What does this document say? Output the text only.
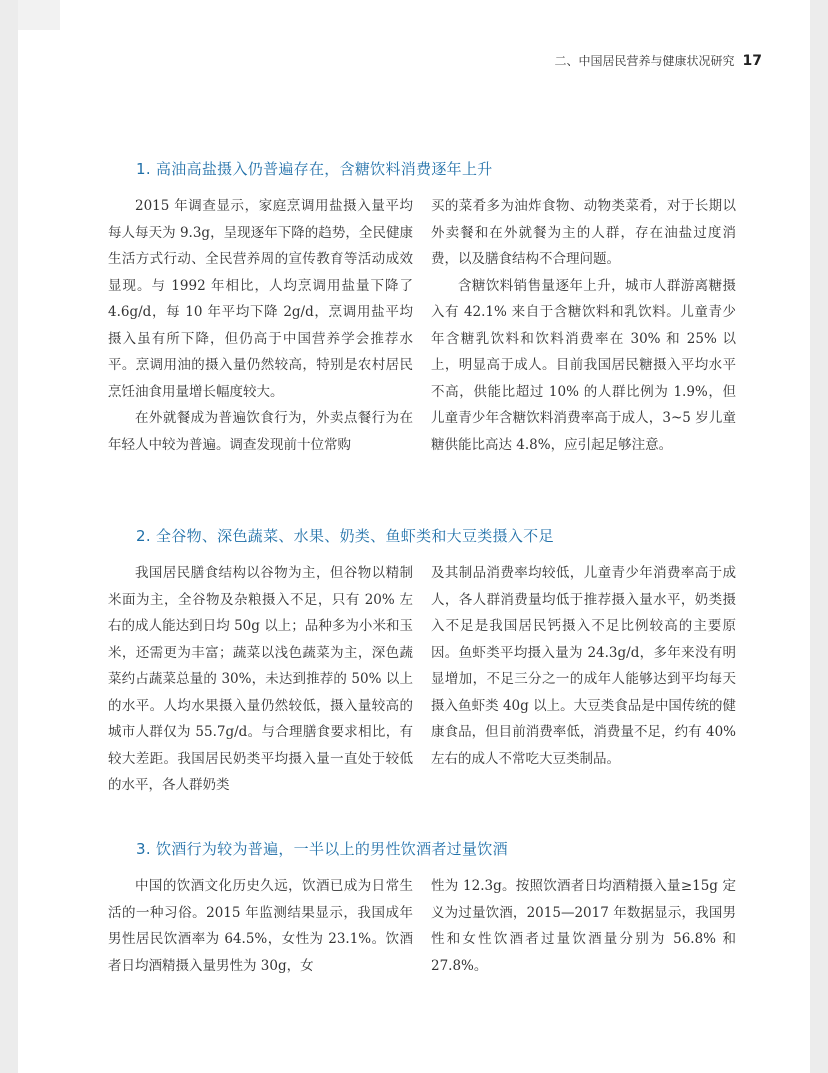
二、中国居民营养与健康状况研究 17
1. 高油高盐摄入仍普遍存在，含糖饮料消费逐年上升

2015 年调查显示，家庭烹调用盐摄入量平均每人每天为 9.3g，呈现逐年下降的趋势，全民健康生活方式行动、全民营养周的宣传教育等活动成效显现。与 1992 年相比，人均烹调用盐量下降了 4.6g/d，每 10 年平均下降 2g/d，烹调用盐平均摄入虽有所下降，但仍高于中国营养学会推荐水平。烹调用油的摄入量仍然较高，特别是农村居民烹饪油食用量增长幅度较大。

在外就餐成为普遍饮食行为，外卖点餐行为在年轻人中较为普遍。调查发现前十位常购

买的菜肴多为油炸食物、动物类菜肴，对于长期以外卖餐和在外就餐为主的人群，存在油盐过度消费，以及膳食结构不合理问题。

含糖饮料销售量逐年上升，城市人群游离糖摄入有 42.1% 来自于含糖饮料和乳饮料。儿童青少年含糖乳饮料和饮料消费率在 30% 和 25% 以上，明显高于成人。目前我国居民糖摄入平均水平不高，供能比超过 10% 的人群比例为 1.9%，但儿童青少年含糖饮料消费率高于成人，3~5 岁儿童糖供能比高达 4.8%，应引起足够注意。

2. 全谷物、深色蔬菜、水果、奶类、鱼虾类和大豆类摄入不足

我国居民膳食结构以谷物为主，但谷物以精制米面为主，全谷物及杂粮摄入不足，只有 20% 左右的成人能达到日均 50g 以上；品种多为小米和玉米，还需更为丰富；蔬菜以浅色蔬菜为主，深色蔬菜约占蔬菜总量的 30%，未达到推荐的 50% 以上的水平。人均水果摄入量仍然较低，摄入量较高的城市人群仅为 55.7g/d。与合理膳食要求相比，有较大差距。我国居民奶类平均摄入量一直处于较低的水平，各人群奶类

及其制品消费率均较低，儿童青少年消费率高于成人，各人群消费量均低于推荐摄入量水平，奶类摄入不足是我国居民钙摄入不足比例较高的主要原因。鱼虾类平均摄入量为 24.3g/d，多年来没有明显增加，不足三分之一的成年人能够达到平均每天摄入鱼虾类 40g 以上。大豆类食品是中国传统的健康食品，但目前消费率低，消费量不足，约有 40% 左右的成人不常吃大豆类制品。

3. 饮酒行为较为普遍，一半以上的男性饮酒者过量饮酒

中国的饮酒文化历史久远，饮酒已成为日常生活的一种习俗。2015 年监测结果显示，我国成年男性居民饮酒率为 64.5%，女性为 23.1%。饮酒者日均酒精摄入量男性为 30g，女

性为 12.3g。按照饮酒者日均酒精摄入量≥15g 定义为过量饮酒，2015—2017 年数据显示，我国男性和女性饮酒者过量饮酒量分别为 56.8% 和 27.8%。
